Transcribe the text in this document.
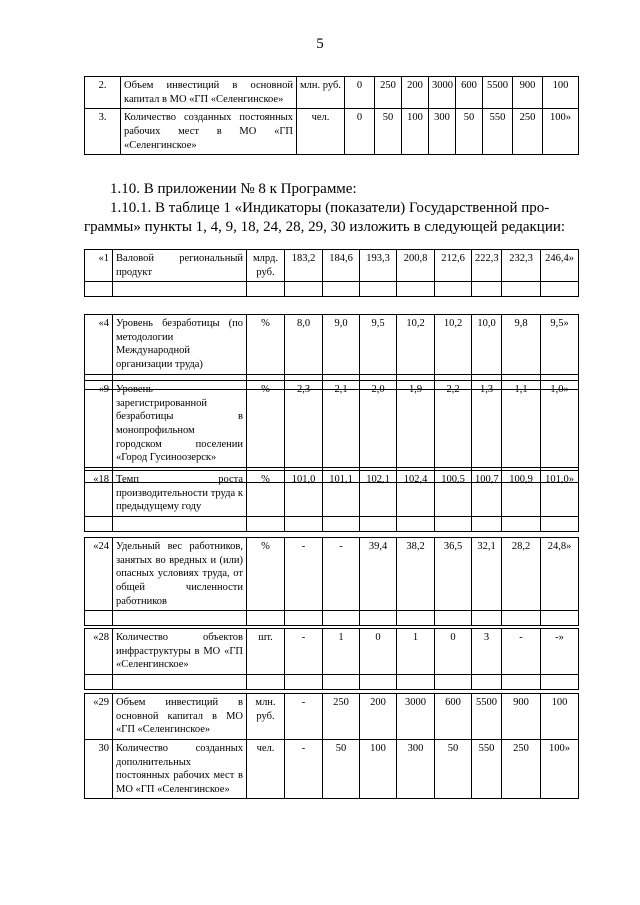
5
2.	Объем инвестиций в основной капитал в МО «ГП «Селенгинское»	млн. руб.	0	250	200	3000	600	5500	900	100
3.	Количество созданных постоянных рабочих мест в МО «ГП «Селенгинское»	чел.	0	50	100	300	50	550	250	100»
1.10. В приложении № 8 к Программе:
1.10.1. В таблице 1 «Индикаторы (показатели) Государственной про-
граммы» пункты 1, 4, 9, 18, 24, 28, 29, 30 изложить в следующей редакции:
«1	Валовой региональный продукт	млрд. руб.	183,2	184,6	193,3	200,8	212,6	222,3	232,3	246,4»

«4	Уровень безработицы (по методологии Международной организации труда)	%	8,0	9,0	9,5	10,2	10,2	10,0	9,8	9,5»

«9	Уровень зарегистрированной безработицы в монопрофильном городском поселении «Город Гусиноозерск»	%	2,3	2,1	2,0	1,9	2,2	1,3	1,1	1,0»

«18	Темп роста производительности труда к предыдущему году	%	101,0	101,1	102,1	102,4	100,5	100,7	100,9	101,0»

«24	Удельный вес работников, занятых во вредных и (или) опасных условиях труда, от общей численности работников	%	-	-	39,4	38,2	36,5	32,1	28,2	24,8»

«28	Количество объектов инфраструктуры в МО «ГП «Селенгинское»	шт.	-	1	0	1	0	3	-	-»

«29	Объем инвестиций в основной капитал в МО «ГП «Селенгинское»	млн. руб.	-	250	200	3000	600	5500	900	100
30	Количество созданных дополнительных постоянных рабочих мест в МО «ГП «Селенгинское»	чел.	-	50	100	300	50	550	250	100»
